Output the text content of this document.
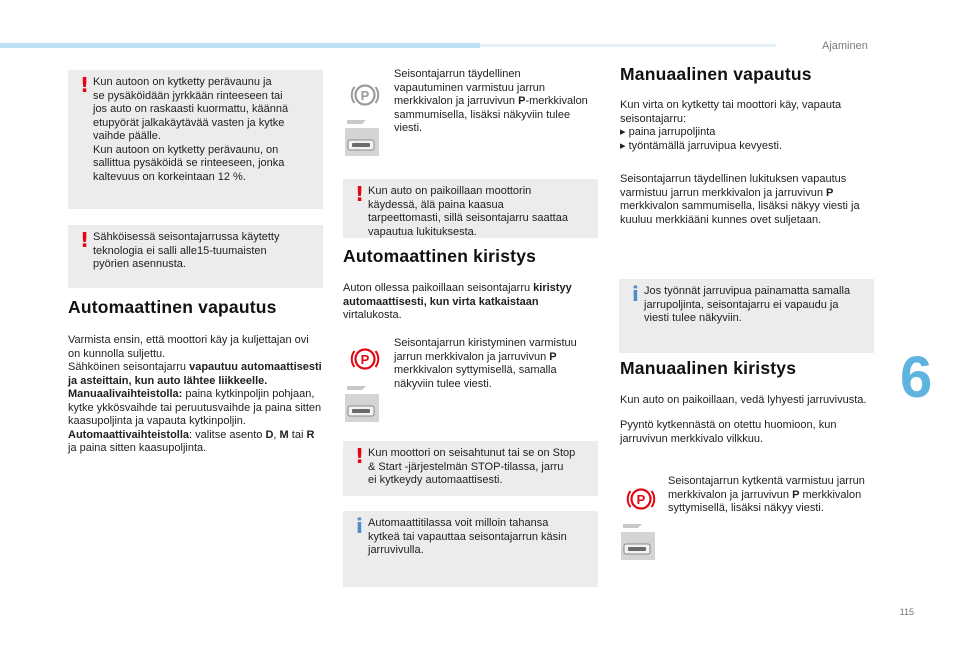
Ajaminen
6
115
! Kun autoon on kytketty perävaunu ja
se pysäköidään jyrkkään rinteeseen tai
jos auto on raskaasti kuormattu, käännä
etupyörät jalkakäytävää vasten ja kytke
vaihde päälle.
Kun autoon on kytketty perävaunu, on
sallittua pysäköidä se rinteeseen, jonka
kaltevuus on korkeintaan 12 %.
! Sähköisessä seisontajarrussa käytetty
teknologia ei salli alle15-tuumaisten
pyörien asennusta.
Automaattinen vapautus
Varmista ensin, että moottori käy ja kuljettajan ovi on kunnolla suljettu.
Sähköinen seisontajarru vapautuu automaattisesti ja asteittain, kun auto lähtee liikkeelle.
Manuaalivaihteistolla: paina kytkinpoljin pohjaan, kytke ykkösvaihde tai peruutusvaihde ja paina sitten kaasupoljinta ja vapauta kytkinpoljin.
Automaattivaihteistolla: valitse asento D, M tai R ja paina sitten kaasupoljinta.
P
Seisontajarrun täydellinen vapautuminen varmistuu jarrun merkkivalon ja jarruvivun P-merkkivalon sammumisella, lisäksi näkyviin tulee viesti.
! Kun auto on paikoillaan moottorin
käydessä, älä paina kaasua
tarpeettomasti, sillä seisontajarru saattaa
vapautua lukituksesta.
Automaattinen kiristys
Auton ollessa paikoillaan seisontajarru kiristyy automaattisesti, kun virta katkaistaan virtalukosta.
P
Seisontajarrun kiristyminen varmistuu jarrun merkkivalon ja jarruvivun P merkkivalon syttymisellä, samalla näkyviin tulee viesti.
! Kun moottori on seisahtunut tai se on Stop
& Start -järjestelmän STOP-tilassa, jarru
ei kytkeydy automaattisesti.
i Automaattitilassa voit milloin tahansa
kytkeä tai vapauttaa seisontajarrun käsin
jarruvivulla.
Manuaalinen vapautus
Kun virta on kytketty tai moottori käy, vapauta seisontajarru:
▸ paina jarrupoljinta
▸ työntämällä jarruvipua kevyesti.
Seisontajarrun täydellinen lukituksen vapautus varmistuu jarrun merkkivalon ja jarruvivun P merkkivalon sammumisella, lisäksi näkyy viesti ja kuuluu merkkiääni kunnes ovet suljetaan.
i Jos työnnät jarruvipua painamatta samalla
jarrupoljinta, seisontajarru ei vapaudu ja
viesti tulee näkyviin.
Manuaalinen kiristys
Kun auto on paikoillaan, vedä lyhyesti jarruvivusta.
Pyyntö kytkennästä on otettu huomioon, kun jarruvivun merkkivalo vilkkuu.
P
Seisontajarrun kytkentä varmistuu jarrun merkkivalon ja jarruvivun P merkkivalon syttymisellä, lisäksi näkyy viesti.
